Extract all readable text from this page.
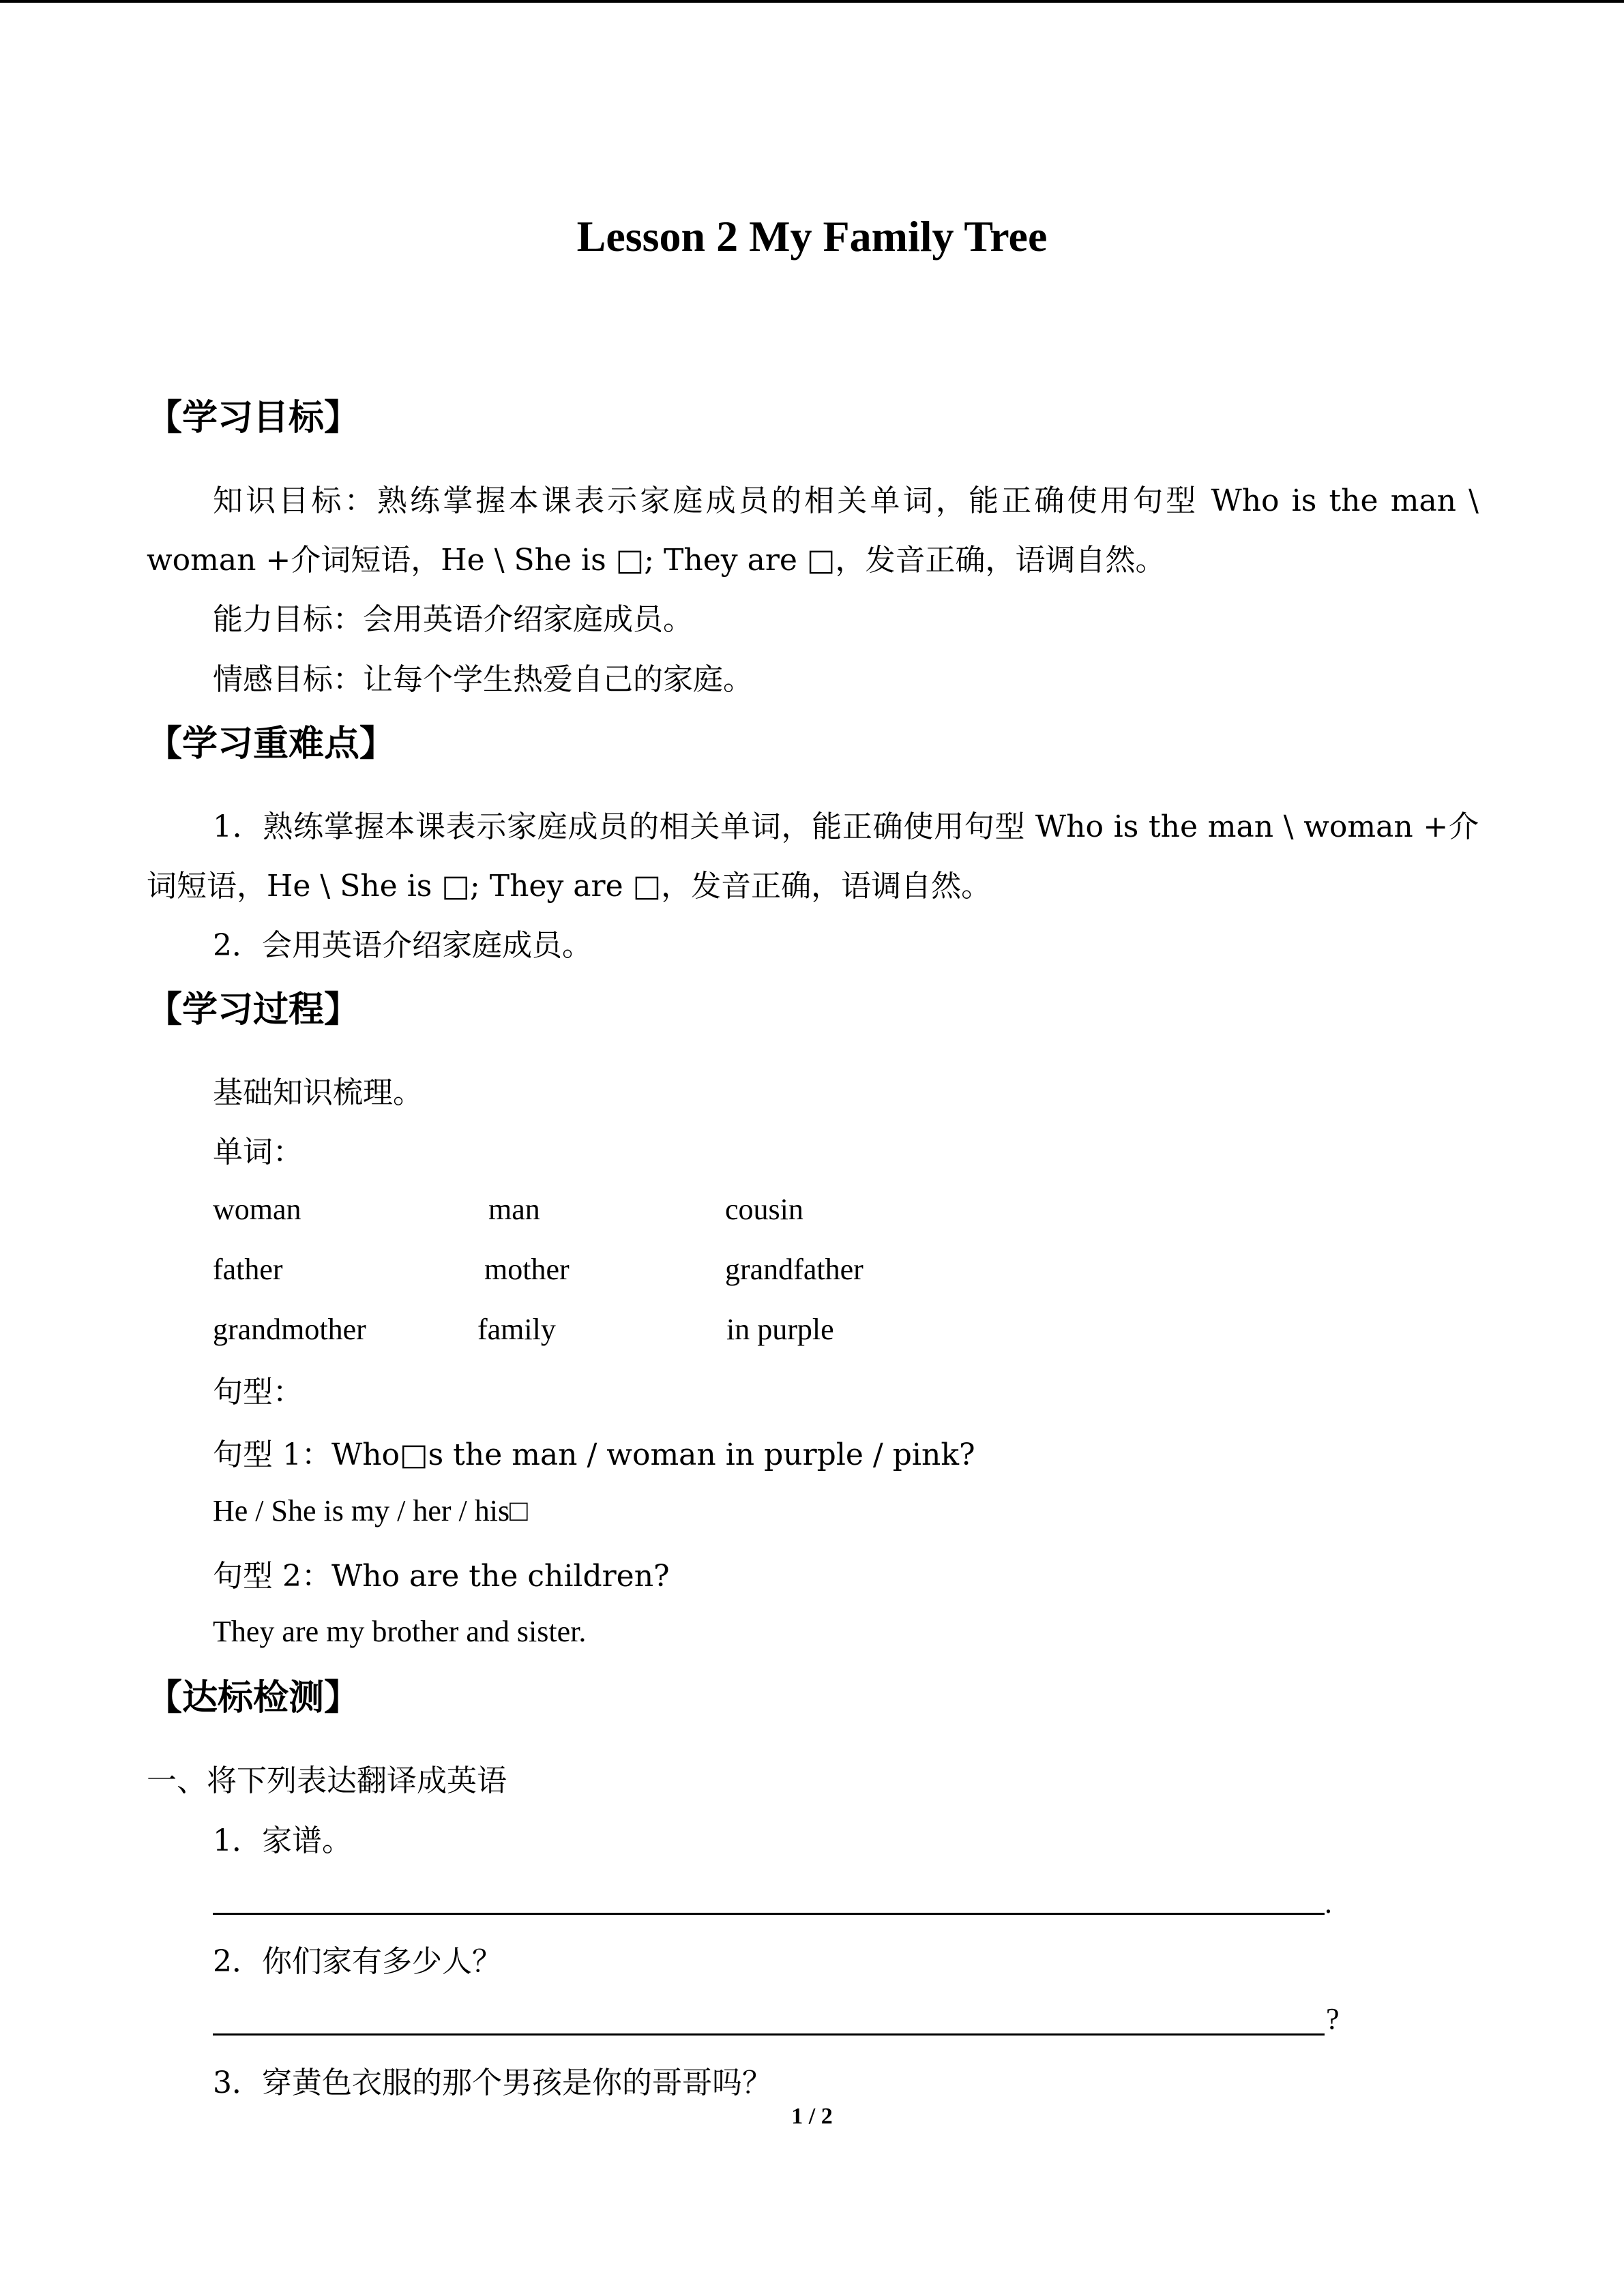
Lesson 2 My Family Tree
【学习目标】
知识目标：熟练掌握本课表示家庭成员的相关单词，能正确使用句型 Who is the man \
woman +介词短语，He \ She is □; They are □，发音正确，语调自然。
能力目标：会用英语介绍家庭成员。
情感目标：让每个学生热爱自己的家庭。
【学习重难点】
1．熟练掌握本课表示家庭成员的相关单词，能正确使用句型 Who is the man \ woman +介
词短语，He \ She is □; They are □，发音正确，语调自然。
2．会用英语介绍家庭成员。
【学习过程】
基础知识梳理。
单词：
woman	man	cousin
father	mother	grandfather
grandmother	family	in purple
句型：
句型 1：Who□s the man / woman in purple / pink?
He / She is my / her / his□
句型 2：Who are the children?
They are my brother and sister.
【达标检测】
一、将下列表达翻译成英语
1．家谱。
.
2．你们家有多少人？
?
3．穿黄色衣服的那个男孩是你的哥哥吗？
1 / 2
